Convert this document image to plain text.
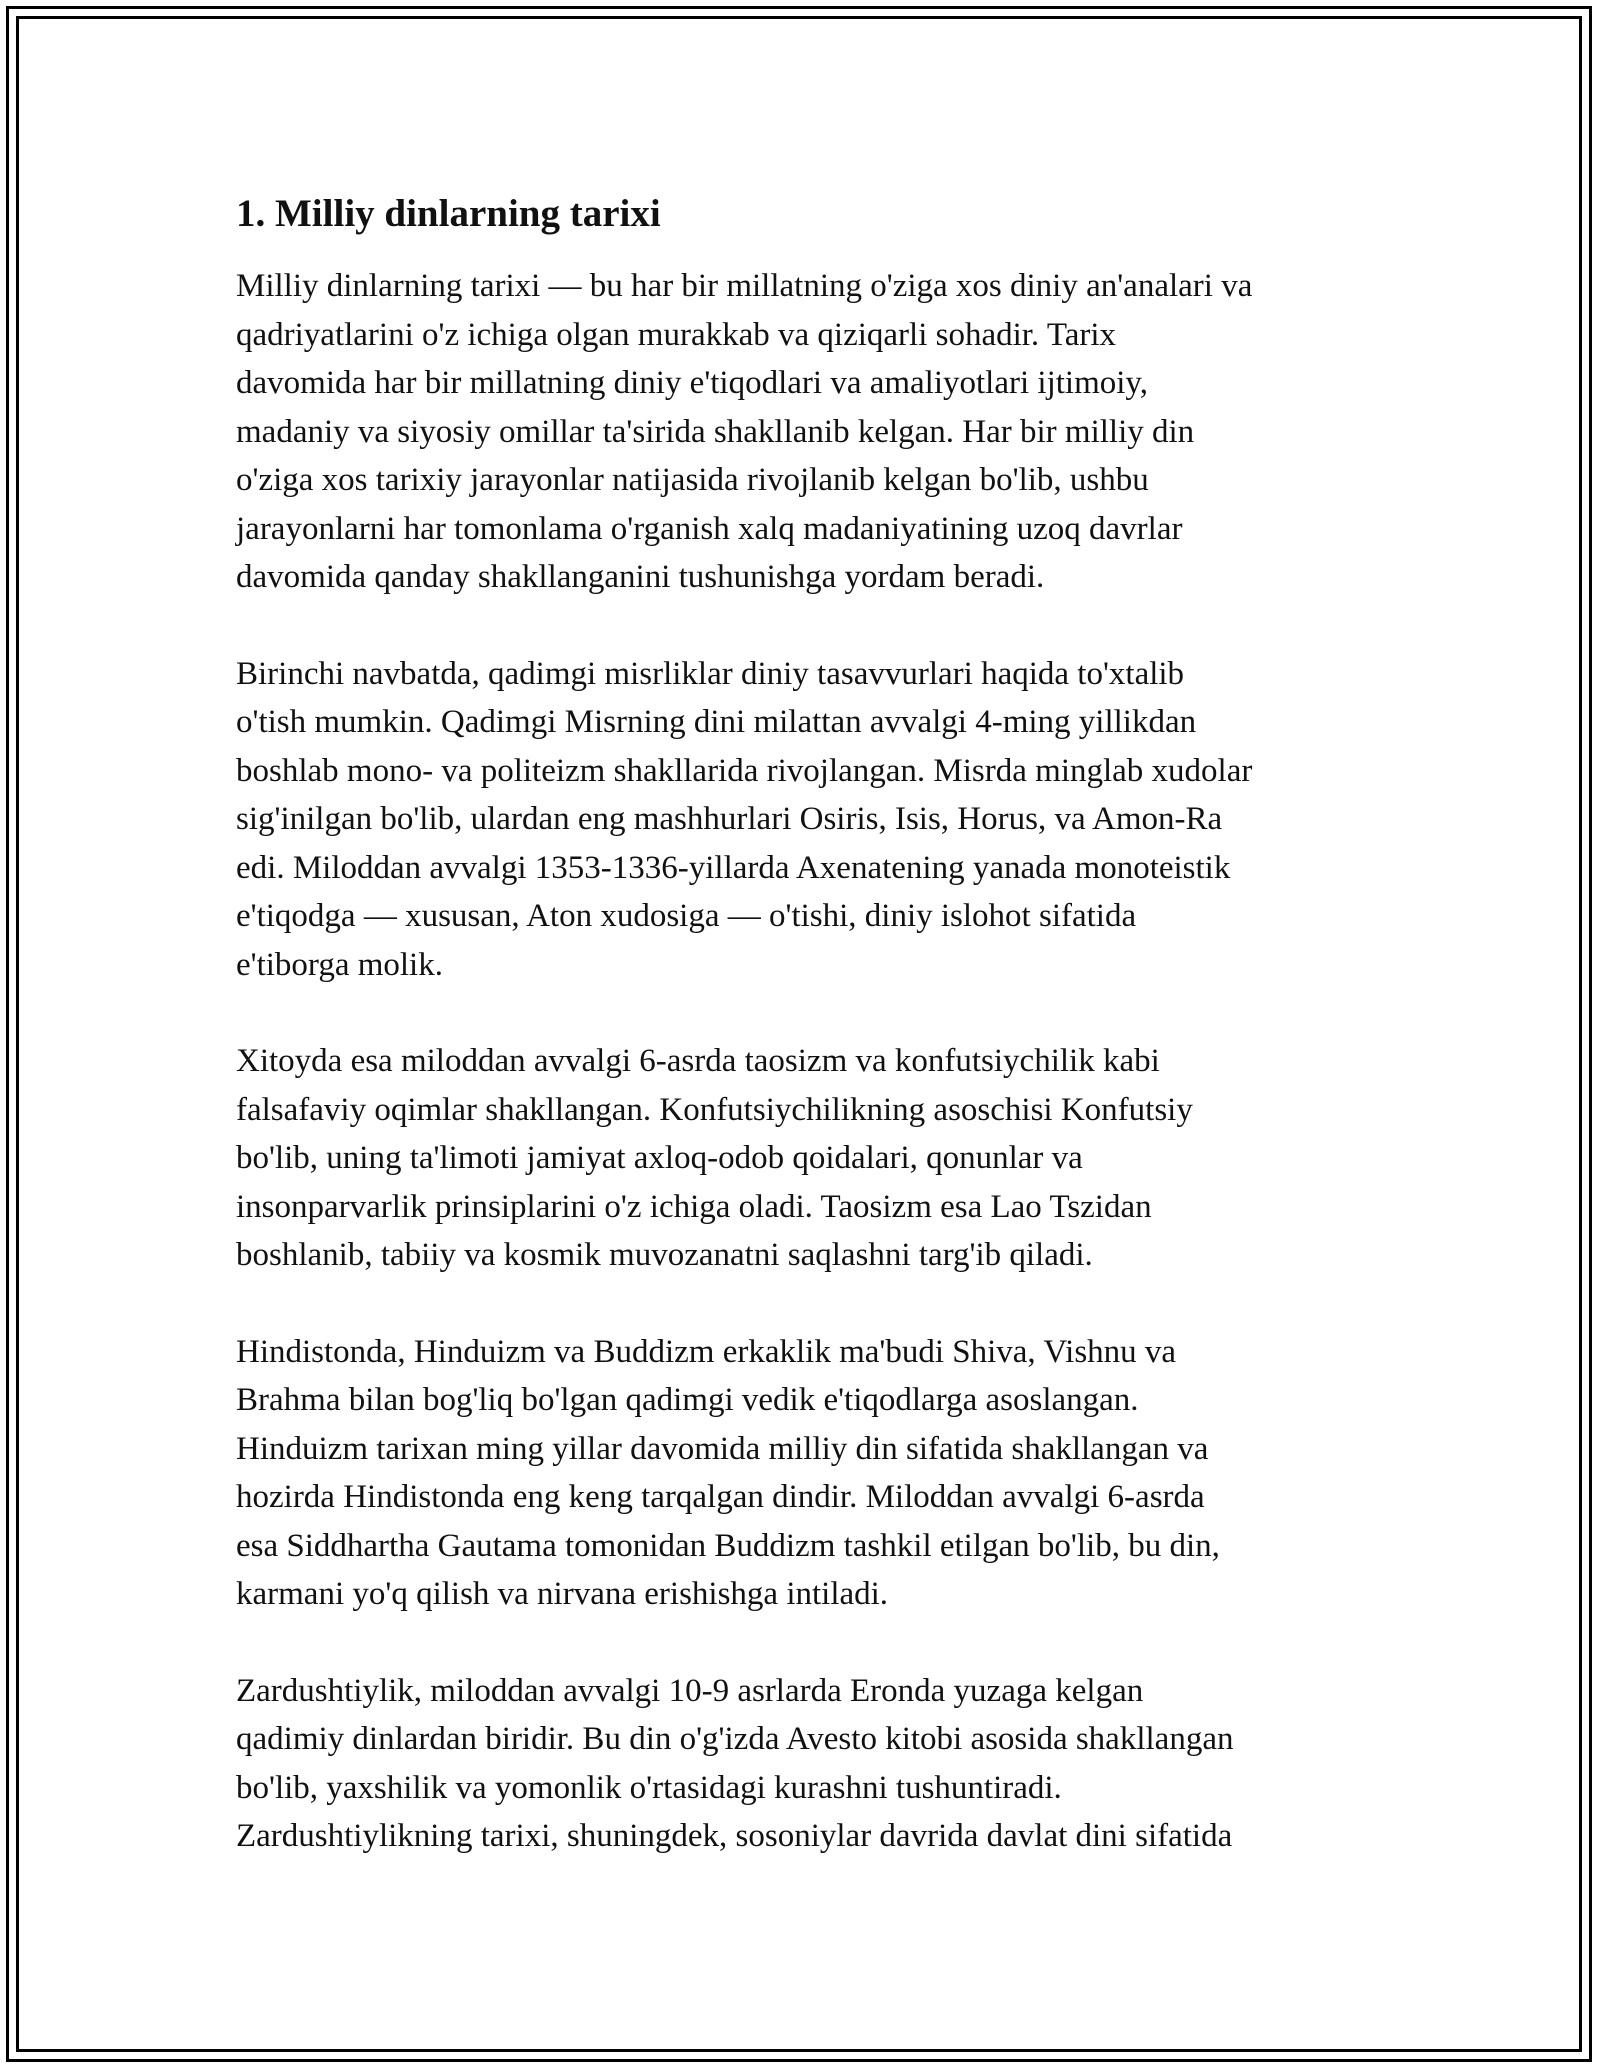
1. Milliy dinlarning tarixi

Milliy dinlarning tarixi — bu har bir millatning o'ziga xos diniy an'analari va
qadriyatlarini o'z ichiga olgan murakkab va qiziqarli sohadir. Tarix
davomida har bir millatning diniy e'tiqodlari va amaliyotlari ijtimoiy,
madaniy va siyosiy omillar ta'sirida shakllanib kelgan. Har bir milliy din
o'ziga xos tarixiy jarayonlar natijasida rivojlanib kelgan bo'lib, ushbu
jarayonlarni har tomonlama o'rganish xalq madaniyatining uzoq davrlar
davomida qanday shakllanganini tushunishga yordam beradi.

Birinchi navbatda, qadimgi misrliklar diniy tasavvurlari haqida to'xtalib
o'tish mumkin. Qadimgi Misrning dini milattan avvalgi 4-ming yillikdan
boshlab mono- va politeizm shakllarida rivojlangan. Misrda minglab xudolar
sig'inilgan bo'lib, ulardan eng mashhurlari Osiris, Isis, Horus, va Amon-Ra
edi. Miloddan avvalgi 1353-1336-yillarda Axenatening yanada monoteistik
e'tiqodga — xususan, Aton xudosiga — o'tishi, diniy islohot sifatida
e'tiborga molik.

Xitoyda esa miloddan avvalgi 6-asrda taosizm va konfutsiychilik kabi
falsafaviy oqimlar shakllangan. Konfutsiychilikning asoschisi Konfutsiy
bo'lib, uning ta'limoti jamiyat axloq-odob qoidalari, qonunlar va
insonparvarlik prinsiplarini o'z ichiga oladi. Taosizm esa Lao Tszidan
boshlanib, tabiiy va kosmik muvozanatni saqlashni targ'ib qiladi.

Hindistonda, Hinduizm va Buddizm erkaklik ma'budi Shiva, Vishnu va
Brahma bilan bog'liq bo'lgan qadimgi vedik e'tiqodlarga asoslangan.
Hinduizm tarixan ming yillar davomida milliy din sifatida shakllangan va
hozirda Hindistonda eng keng tarqalgan dindir. Miloddan avvalgi 6-asrda
esa Siddhartha Gautama tomonidan Buddizm tashkil etilgan bo'lib, bu din,
karmani yo'q qilish va nirvana erishishga intiladi.

Zardushtiylik, miloddan avvalgi 10-9 asrlarda Eronda yuzaga kelgan
qadimiy dinlardan biridir. Bu din o'g'izda Avesto kitobi asosida shakllangan
bo'lib, yaxshilik va yomonlik o'rtasidagi kurashni tushuntiradi.
Zardushtiylikning tarixi, shuningdek, sosoniylar davrida davlat dini sifatida
